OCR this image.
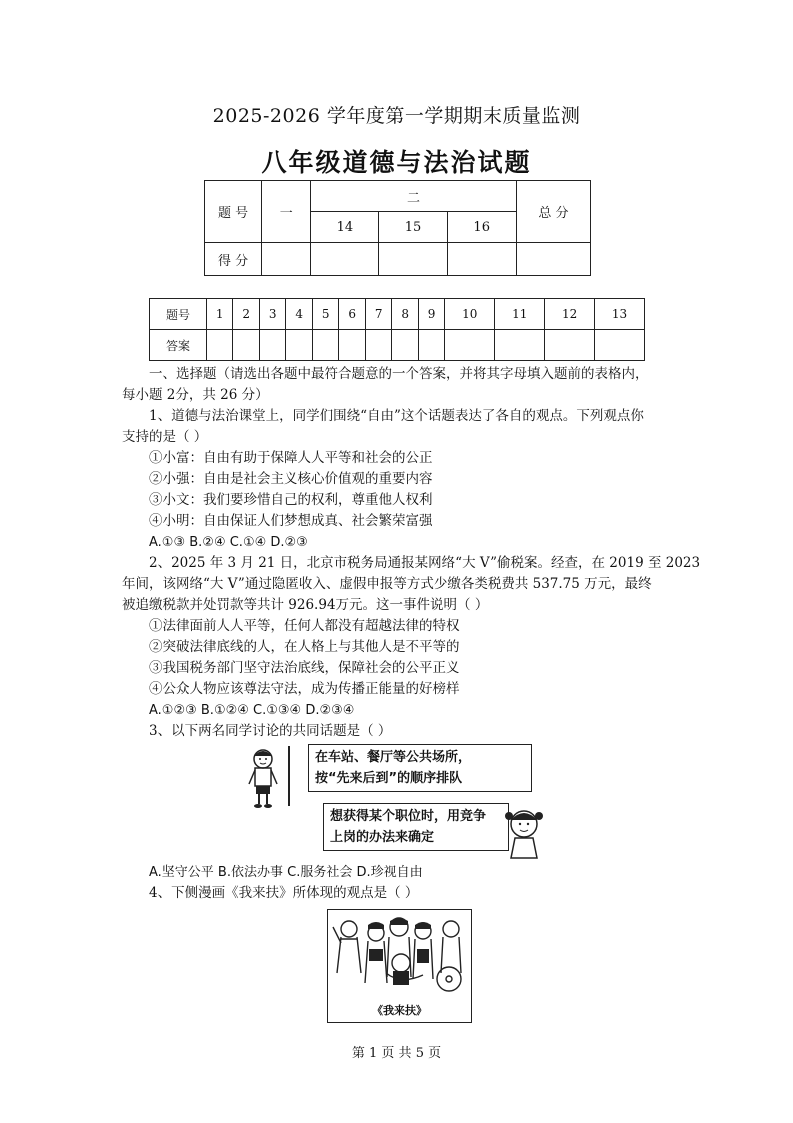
2025-2026 学年度第一学期期末质量监测
八年级道德与法治试题
题 号	一	二			总 分
		14	15	16	
得 分					
题号	1	2	3	4	5	6	7	8	9	10	11	12	13
答案													
一、选择题（请选出各题中最符合题意的一个答案，并将其字母填入题前的表格内，
每小题 2分，共 26 分）
1、道德与法治课堂上，同学们围绕“自由”这个话题表达了各自的观点。下列观点你
支持的是（ ）
①小富：自由有助于保障人人平等和社会的公正
②小强：自由是社会主义核心价值观的重要内容
③小文：我们要珍惜自己的权利，尊重他人权利
④小明：自由保证人们梦想成真、社会繁荣富强
A.①③ B.②④ C.①④ D.②③
2、2025 年 3 月 21 日，北京市税务局通报某网络“大 V”偷税案。经查，在 2019 至 2023
年间，该网络“大 V”通过隐匿收入、虚假申报等方式少缴各类税费共 537.75 万元，最终
被追缴税款并处罚款等共计 926.94万元。这一事件说明（ ）
①法律面前人人平等，任何人都没有超越法律的特权
②突破法律底线的人，在人格上与其他人是不平等的
③我国税务部门坚守法治底线，保障社会的公平正义
④公众人物应该尊法守法，成为传播正能量的好榜样
A.①②③ B.①②④ C.①③④ D.②③④
3、以下两名同学讨论的共同话题是（ ）
在车站、餐厅等公共场所，
按“先来后到”的顺序排队
想获得某个职位时，用竞争
上岗的办法来确定
A.坚守公平 B.依法办事 C.服务社会 D.珍视自由
4、下侧漫画《我来扶》所体现的观点是（ ）
《我来扶》
第 1 页 共 5 页
